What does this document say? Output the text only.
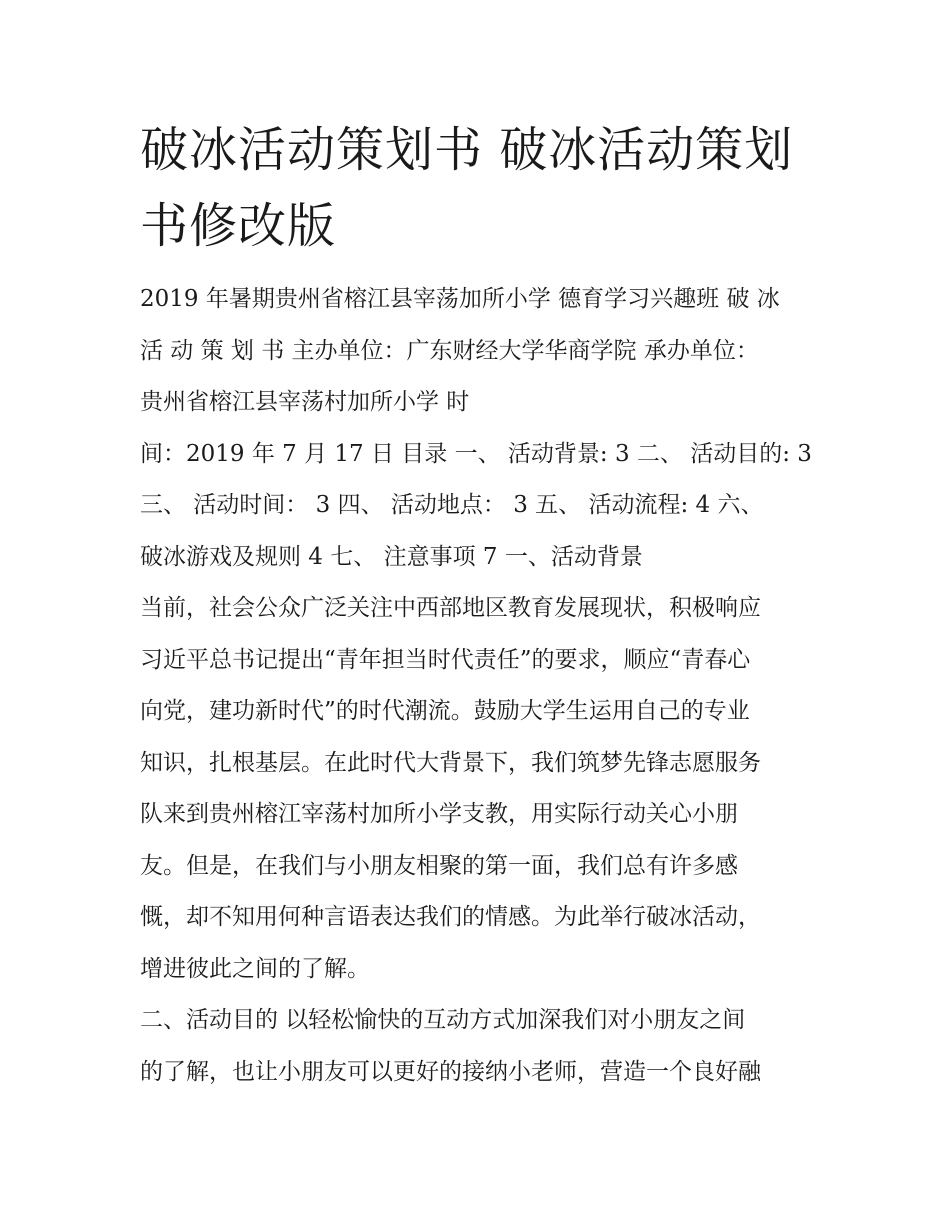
破冰活动策划书 破冰活动策划
书修改版
2019 年暑期贵州省榕江县宰荡加所小学 德育学习兴趣班 破 冰
活 动 策 划 书 主办单位：广东财经大学华商学院 承办单位：
贵州省榕江县宰荡村加所小学 时
间：2019 年 7 月 17 日 目录 一、 活动背景: 3 二、 活动目的: 3
三、 活动时间： 3 四、 活动地点： 3 五、 活动流程: 4 六、
破冰游戏及规则 4 七、 注意事项 7 一、活动背景
当前，社会公众广泛关注中西部地区教育发展现状，积极响应
习近平总书记提出“青年担当时代责任”的要求，顺应“青春心
向党，建功新时代”的时代潮流。鼓励大学生运用自己的专业
知识，扎根基层。在此时代大背景下，我们筑梦先锋志愿服务
队来到贵州榕江宰荡村加所小学支教，用实际行动关心小朋
友。但是，在我们与小朋友相聚的第一面，我们总有许多感
慨，却不知用何种言语表达我们的情感。为此举行破冰活动，
增进彼此之间的了解。
二、活动目的 以轻松愉快的互动方式加深我们对小朋友之间
的了解，也让小朋友可以更好的接纳小老师，营造一个良好融
